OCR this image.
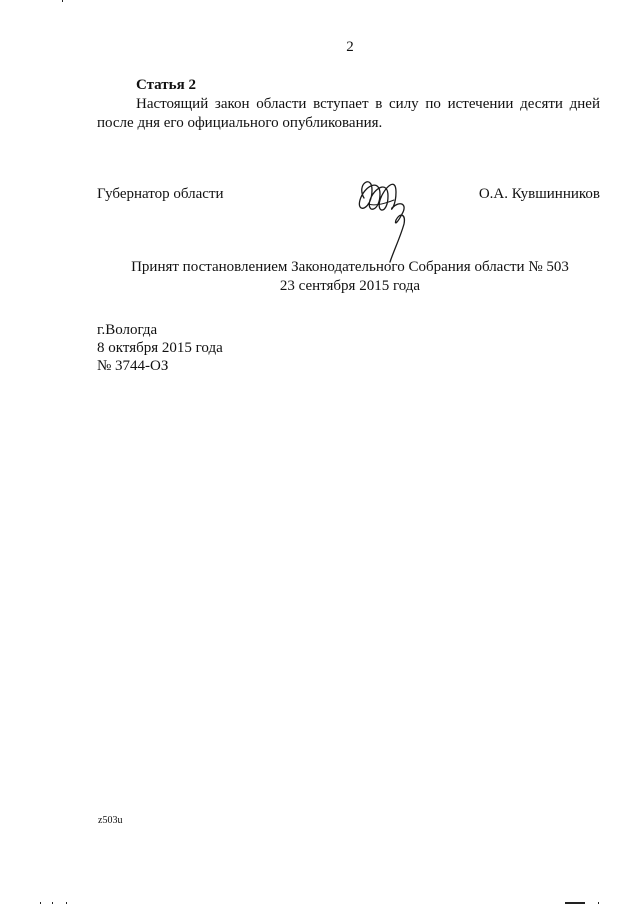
2
Статья 2
Настоящий закон области вступает в силу по истечении десяти дней
после дня его официального опубликования.
Губернатор области	О.А. Кувшинников
Принят постановлением Законодательного Собрания области № 503
23 сентября 2015 года
г.Вологда
8 октября 2015 года
№ 3744-ОЗ
z503u
